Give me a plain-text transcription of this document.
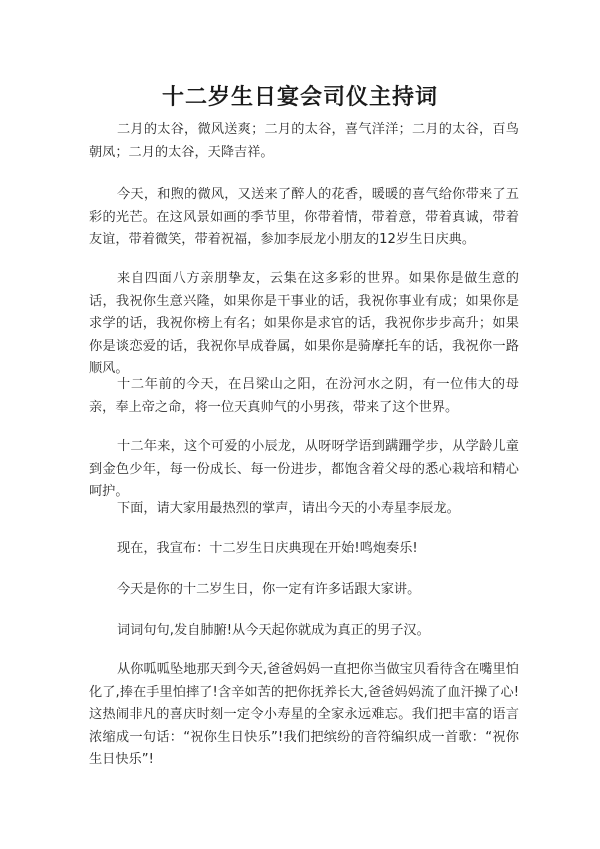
十二岁生日宴会司仪主持词

二月的太谷，微风送爽；二月的太谷，喜气洋洋；二月的太谷，百鸟朝凤；二月的太谷，天降吉祥。

今天，和煦的微风，又送来了醉人的花香，暖暖的喜气给你带来了五彩的光芒。在这风景如画的季节里，你带着情，带着意，带着真诚，带着友谊，带着微笑，带着祝福，参加李辰龙小朋友的12岁生日庆典。

来自四面八方亲朋挚友，云集在这多彩的世界。如果你是做生意的话，我祝你生意兴隆，如果你是干事业的话，我祝你事业有成；如果你是求学的话，我祝你榜上有名；如果你是求官的话，我祝你步步高升；如果你是谈恋爱的话，我祝你早成眷属，如果你是骑摩托车的话，我祝你一路顺风。

十二年前的今天，在吕梁山之阳，在汾河水之阴，有一位伟大的母亲，奉上帝之命，将一位天真帅气的小男孩，带来了这个世界。

十二年来，这个可爱的小辰龙，从呀呀学语到蹒跚学步，从学龄儿童到金色少年，每一份成长、每一份进步，都饱含着父母的悉心栽培和精心呵护。

下面，请大家用最热烈的掌声，请出今天的小寿星李辰龙。

现在，我宣布：十二岁生日庆典现在开始!鸣炮奏乐!

今天是你的十二岁生日，你一定有许多话跟大家讲。

词词句句,发自肺腑!从今天起你就成为真正的男子汉。

从你呱呱坠地那天到今天,爸爸妈妈一直把你当做宝贝看待含在嘴里怕化了,捧在手里怕摔了!含辛如苦的把你抚养长大,爸爸妈妈流了血汗操了心!这热闹非凡的喜庆时刻一定令小寿星的全家永远难忘。我们把丰富的语言浓缩成一句话：“祝你生日快乐”!我们把缤纷的音符编织成一首歌：“祝你生日快乐”!
